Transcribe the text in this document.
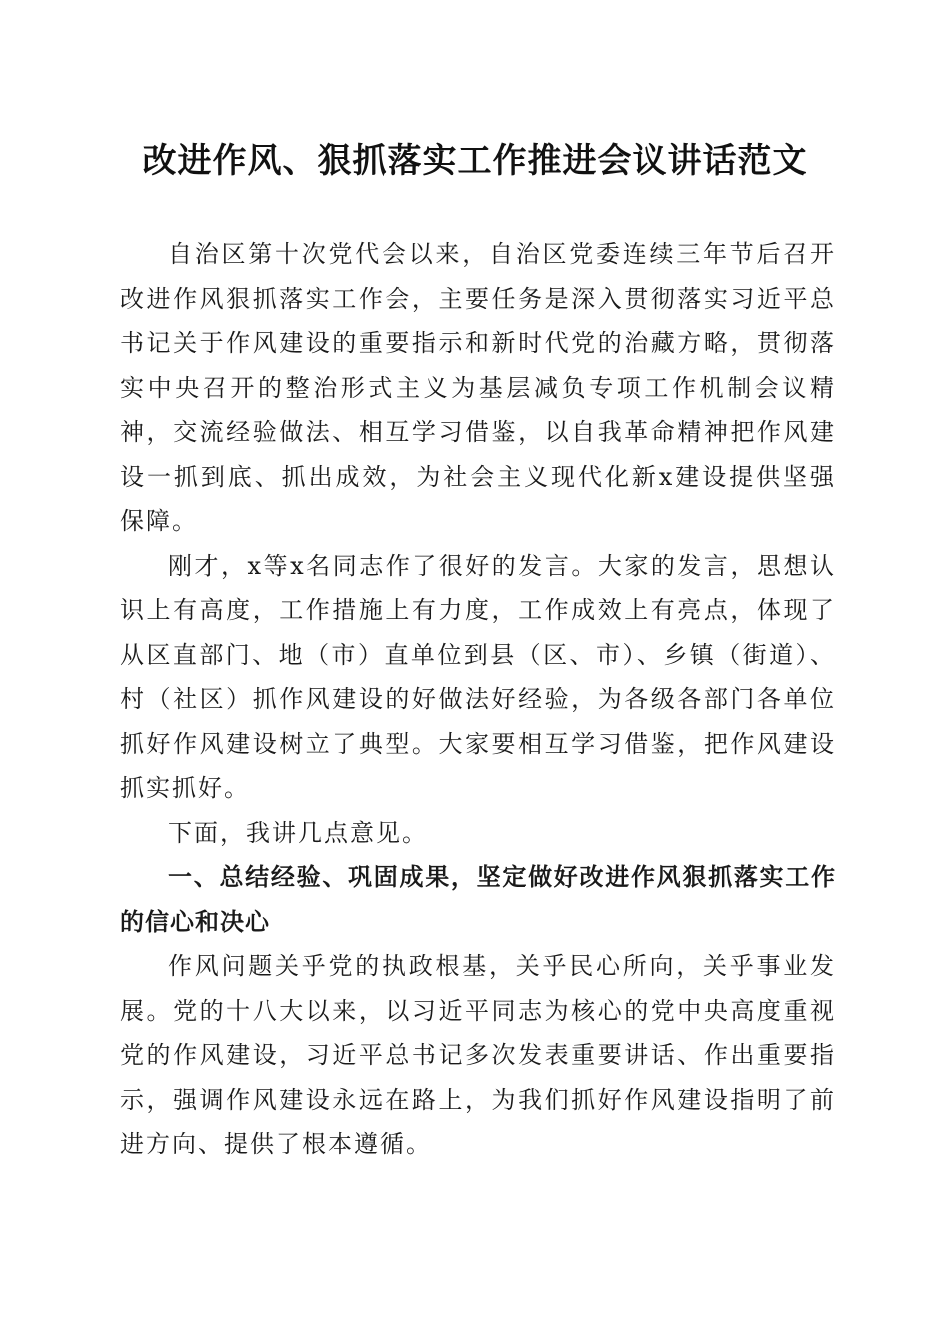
改进作风、狠抓落实工作推进会议讲话范文

自治区第十次党代会以来，自治区党委连续三年节后召开改进作风狠抓落实工作会，主要任务是深入贯彻落实习近平总书记关于作风建设的重要指示和新时代党的治藏方略，贯彻落实中央召开的整治形式主义为基层减负专项工作机制会议精神，交流经验做法、相互学习借鉴，以自我革命精神把作风建设一抓到底、抓出成效，为社会主义现代化新x建设提供坚强保障。

刚才，x等x名同志作了很好的发言。大家的发言，思想认识上有高度，工作措施上有力度，工作成效上有亮点，体现了从区直部门、地（市）直单位到县（区、市）、乡镇（街道）、村（社区）抓作风建设的好做法好经验，为各级各部门各单位抓好作风建设树立了典型。大家要相互学习借鉴，把作风建设抓实抓好。

下面，我讲几点意见。

一、总结经验、巩固成果，坚定做好改进作风狠抓落实工作的信心和决心

作风问题关乎党的执政根基，关乎民心所向，关乎事业发展。党的十八大以来，以习近平同志为核心的党中央高度重视党的作风建设，习近平总书记多次发表重要讲话、作出重要指示，强调作风建设永远在路上，为我们抓好作风建设指明了前进方向、提供了根本遵循。
